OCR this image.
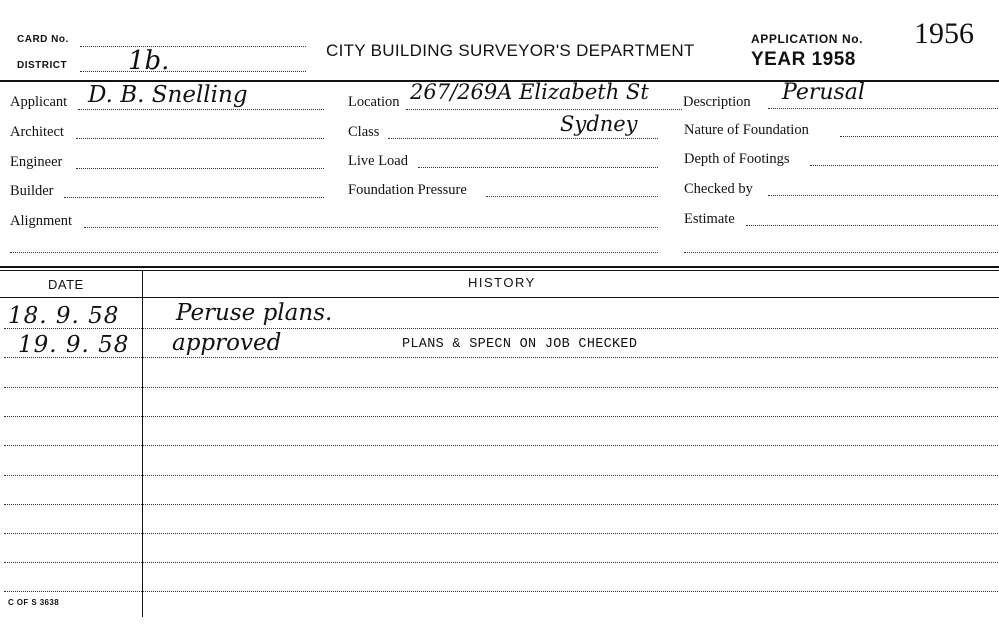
CARD No.
DISTRICT 1b.	CITY BUILDING SURVEYOR'S DEPARTMENT
APPLICATION No. 1956
YEAR 1958
Applicant D. B. Snelling
Architect
Engineer
Builder
Alignment
Location 267/269A Elizabeth St
Sydney
Class
Live Load
Foundation Pressure
Description Perusal
Nature of Foundation
Depth of Footings
Checked by
Estimate
DATE	HISTORY
18. 9. 58 Peruse plans.
19. 9. 58 approved	PLANS & SPECN ON JOB CHECKED
C OF S 3638
